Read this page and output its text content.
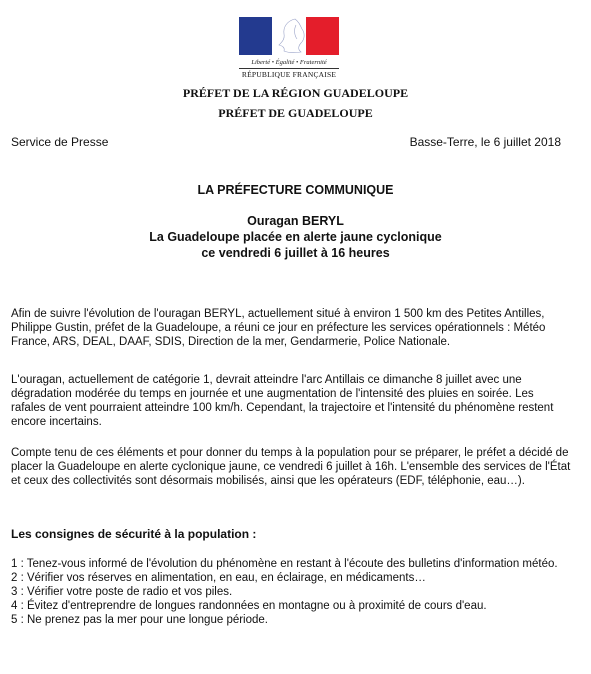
Liberté • Égalité • Fraternité
RÉPUBLIQUE FRANÇAISE
PRÉFET DE LA RÉGION GUADELOUPE
PRÉFET DE GUADELOUPE
Service de Presse	Basse-Terre, le 6 juillet 2018
LA PRÉFECTURE COMMUNIQUE
Ouragan BERYL
La Guadeloupe placée en alerte jaune cyclonique
ce vendredi 6 juillet à 16 heures
Afin de suivre l'évolution de l'ouragan BERYL, actuellement situé à environ 1 500 km des Petites Antilles, Philippe Gustin, préfet de la Guadeloupe, a réuni ce jour en préfecture les services opérationnels : Météo France, ARS, DEAL, DAAF, SDIS, Direction de la mer, Gendarmerie, Police Nationale.
L'ouragan, actuellement de catégorie 1, devrait atteindre l'arc Antillais ce dimanche 8 juillet avec une dégradation modérée du temps en journée et une augmentation de l'intensité des pluies en soirée. Les rafales de vent pourraient atteindre 100 km/h. Cependant, la trajectoire et l'intensité du phénomène restent encore incertains.
Compte tenu de ces éléments et pour donner du temps à la population pour se préparer, le préfet a décidé de placer la Guadeloupe en alerte cyclonique jaune, ce vendredi 6 juillet à 16h. L'ensemble des services de l'État et ceux des collectivités sont désormais mobilisés, ainsi que les opérateurs (EDF, téléphonie, eau…).
Les consignes de sécurité à la population :
1 : Tenez-vous informé de l'évolution du phénomène en restant à l'écoute des bulletins d'information météo.
2 : Vérifier vos réserves en alimentation, en eau, en éclairage, en médicaments…
3 : Vérifier votre poste de radio et vos piles.
4 : Évitez d'entreprendre de longues randonnées en montagne ou à proximité de cours d'eau.
5 : Ne prenez pas la mer pour une longue période.
